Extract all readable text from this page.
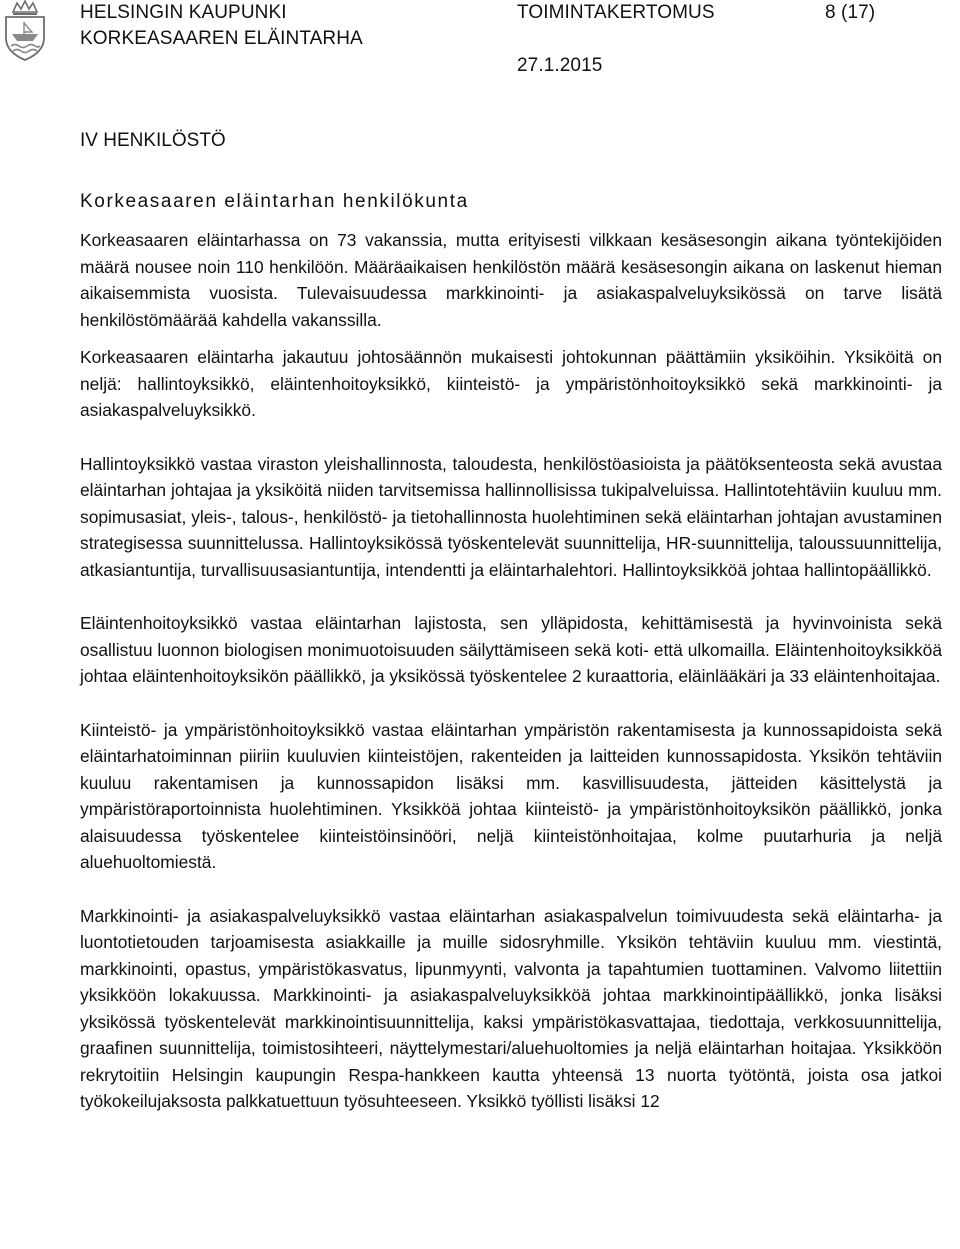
HELSINGIN KAUPUNKI
KORKEASAAREN ELÄINTARHA
TOIMINTAKERTOMUS	8 (17)
27.1.2015
IV HENKILÖSTÖ
Korkeasaaren eläintarhan henkilökunta

Korkeasaaren eläintarhassa on 73 vakanssia, mutta erityisesti vilkkaan kesäsesongin aikana työntekijöiden määrä nousee noin 110 henkilöön. Määräaikaisen henkilöstön määrä kesäsesongin aikana on laskenut hieman aikaisemmista vuosista. Tulevaisuudessa markkinointi- ja asiakaspalveluyksikössä on tarve lisätä henkilöstömäärää kahdella vakanssilla.

Korkeasaaren eläintarha jakautuu johtosäännön mukaisesti johtokunnan päättämiin yksiköihin. Yksiköitä on neljä: hallintoyksikkö, eläintenhoitoyksikkö, kiinteistö- ja ympäristönhoitoyksikkö sekä markkinointi- ja asiakaspalveluyksikkö.

Hallintoyksikkö vastaa viraston yleishallinnosta, taloudesta, henkilöstöasioista ja päätöksenteosta sekä avustaa eläintarhan johtajaa ja yksiköitä niiden tarvitsemissa hallinnollisissa tukipalveluissa. Hallintotehtäviin kuuluu mm. sopimusasiat, yleis-, talous-, henkilöstö- ja tietohallinnosta huolehtiminen sekä eläintarhan johtajan avustaminen strategisessa suunnittelussa. Hallintoyksikössä työskentelevät suunnittelija, HR-suunnittelija, taloussuunnittelija, atkasiantuntija, turvallisuusasiantuntija, intendentti ja eläintarhalehtori. Hallintoyksikköä johtaa hallintopäällikkö.

Eläintenhoitoyksikkö vastaa eläintarhan lajistosta, sen ylläpidosta, kehittämisestä ja hyvinvoinista sekä osallistuu luonnon biologisen monimuotoisuuden säilyttämiseen sekä koti- että ulkomailla. Eläintenhoitoyksikköä johtaa eläintenhoitoyksikön päällikkö, ja yksikössä työskentelee 2 kuraattoria, eläinlääkäri ja 33 eläintenhoitajaa.

Kiinteistö- ja ympäristönhoitoyksikkö vastaa eläintarhan ympäristön rakentamisesta ja kunnossapidoista sekä eläintarhatoiminnan piiriin kuuluvien kiinteistöjen, rakenteiden ja laitteiden kunnossapidosta. Yksikön tehtäviin kuuluu rakentamisen ja kunnossapidon lisäksi mm. kasvillisuudesta, jätteiden käsittelystä ja ympäristöraportoinnista huolehtiminen. Yksikköä johtaa kiinteistö- ja ympäristönhoitoyksikön päällikkö, jonka alaisuudessa työskentelee kiinteistöinsinööri, neljä kiinteistönhoitajaa, kolme puutarhuria ja neljä aluehuoltomiestä.

Markkinointi- ja asiakaspalveluyksikkö vastaa eläintarhan asiakaspalvelun toimivuudesta sekä eläintarha- ja luontotietouden tarjoamisesta asiakkaille ja muille sidosryhmille. Yksikön tehtäviin kuuluu mm. viestintä, markkinointi, opastus, ympäristökasvatus, lipunmyynti, valvonta ja tapahtumien tuottaminen. Valvomo liitettiin yksikköön lokakuussa. Markkinointi- ja asiakaspalveluyksikköä johtaa markkinointipäällikkö, jonka lisäksi yksikössä työskentelevät markkinointisuunnittelija, kaksi ympäristökasvattajaa, tiedottaja, verkkosuunnittelija, graafinen suunnittelija, toimistosihteeri, näyttelymestari/aluehuoltomies ja neljä eläintarhan hoitajaa. Yksikköön rekrytoitiin Helsingin kaupungin Respa-hankkeen kautta yhteensä 13 nuorta työtöntä, joista osa jatkoi työkokeilujaksosta palkkatuettuun työsuhteeseen. Yksikkö työllisti lisäksi 12
